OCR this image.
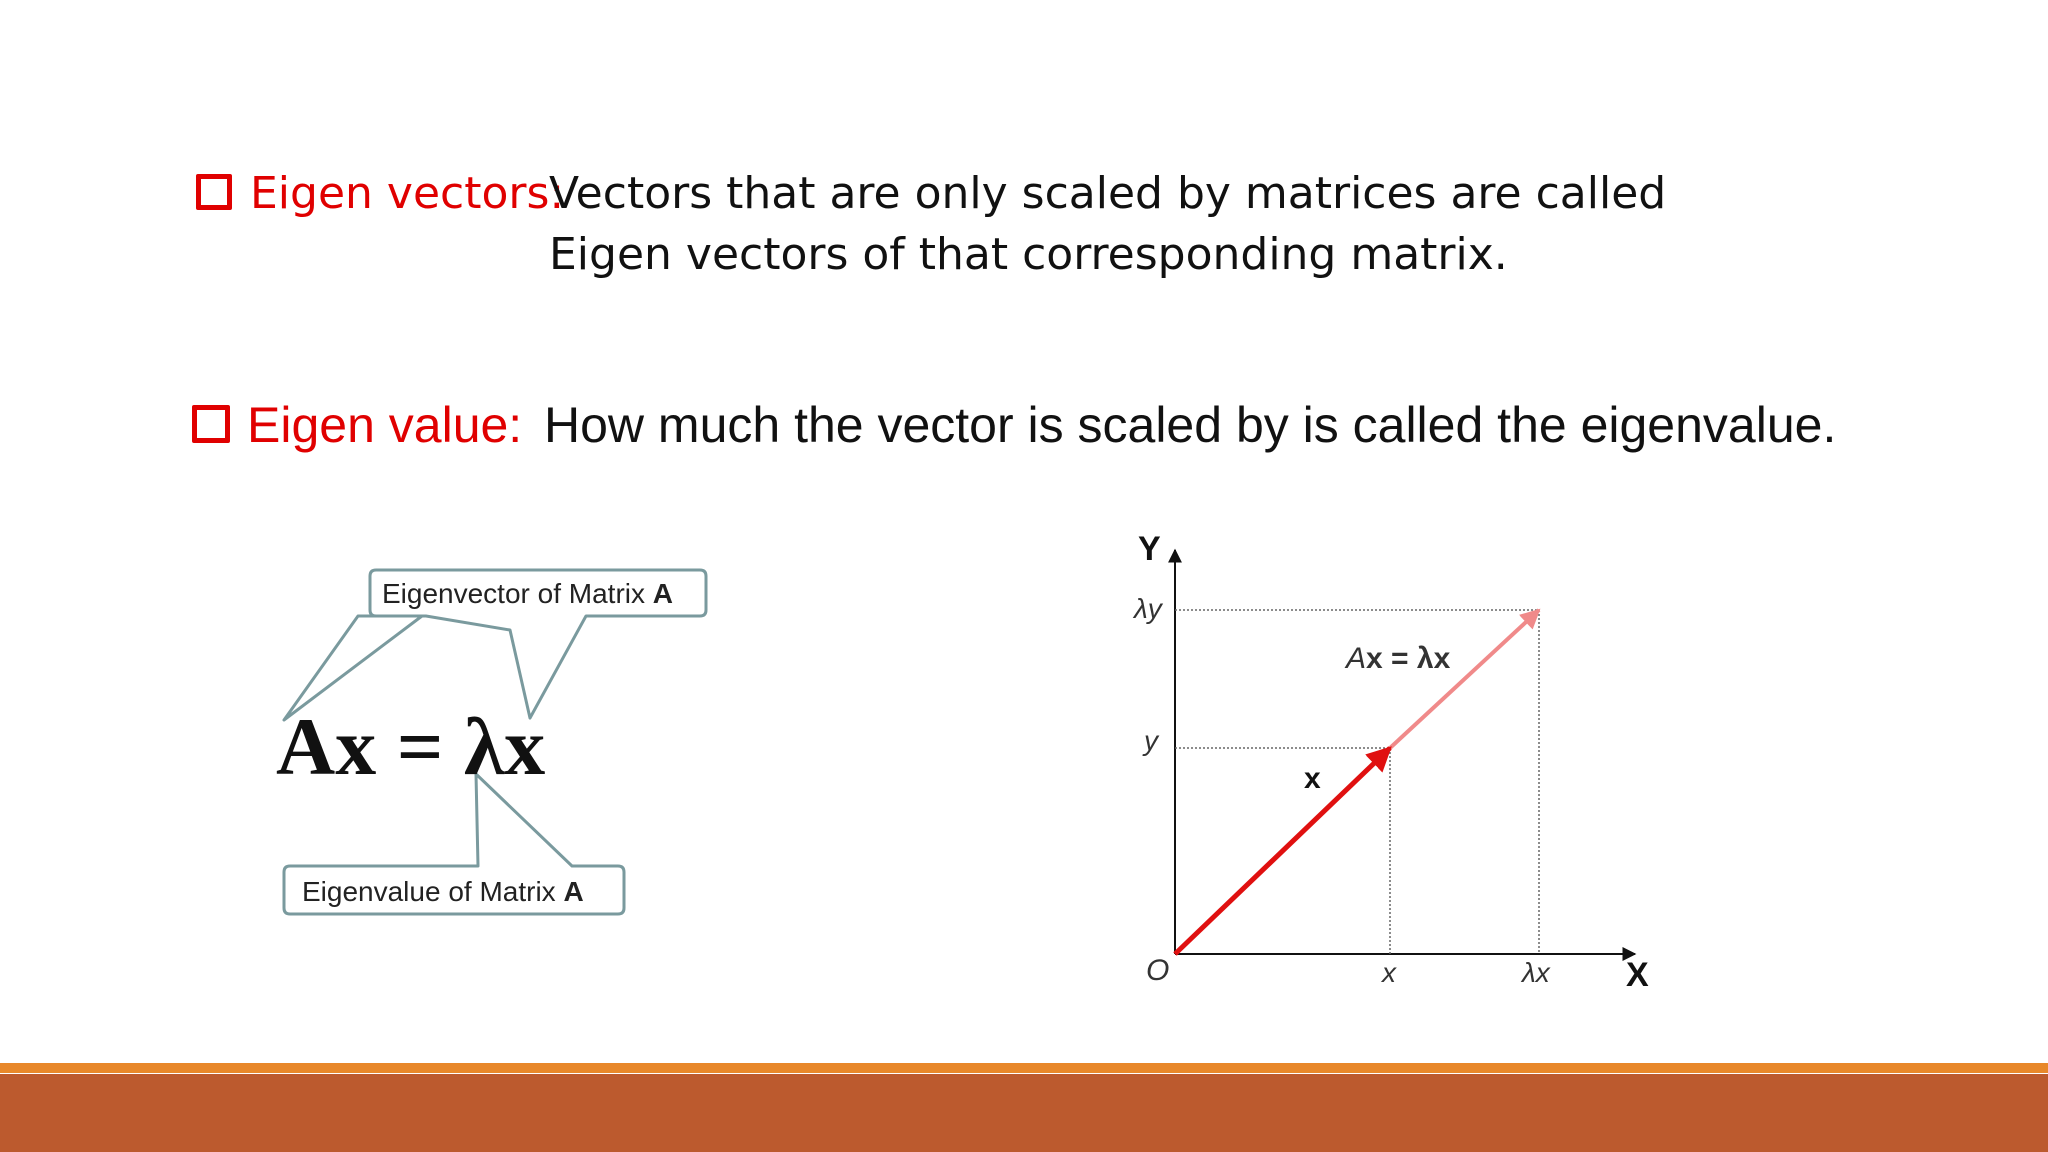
Eigen vectors:
Vectors that are only scaled by matrices are called
Eigen vectors of that corresponding matrix.
Eigen value: How much the vector is scaled by is called the eigenvalue.
Eigenvector of Matrix A
Eigenvalue of Matrix A
Ax = λx
Y
X
O	x	λx
y
λy
x
Ax = λx
